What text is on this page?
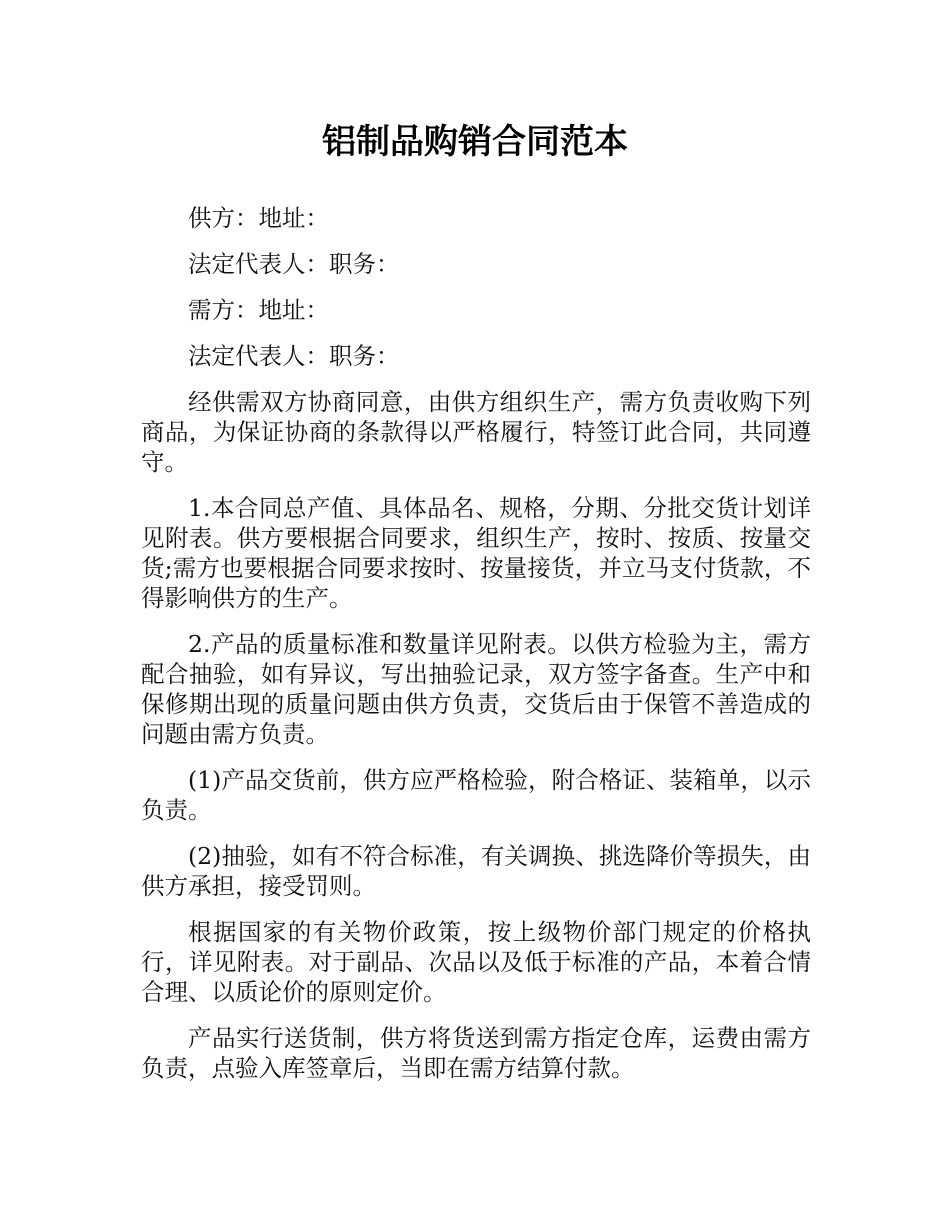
铝制品购销合同范本

供方：地址：

法定代表人：职务：

需方：地址：

法定代表人：职务：

经供需双方协商同意，由供方组织生产，需方负责收购下列商品，为保证协商的条款得以严格履行，特签订此合同，共同遵守。

1.本合同总产值、具体品名、规格，分期、分批交货计划详见附表。供方要根据合同要求，组织生产，按时、按质、按量交货;需方也要根据合同要求按时、按量接货，并立马支付货款，不得影响供方的生产。

2.产品的质量标准和数量详见附表。以供方检验为主，需方配合抽验，如有异议，写出抽验记录，双方签字备查。生产中和保修期出现的质量问题由供方负责，交货后由于保管不善造成的问题由需方负责。

(1)产品交货前，供方应严格检验，附合格证、装箱单，以示负责。

(2)抽验，如有不符合标准，有关调换、挑选降价等损失，由供方承担，接受罚则。

根据国家的有关物价政策，按上级物价部门规定的价格执行，详见附表。对于副品、次品以及低于标准的产品，本着合情合理、以质论价的原则定价。

产品实行送货制，供方将货送到需方指定仓库，运费由需方负责，点验入库签章后，当即在需方结算付款。
